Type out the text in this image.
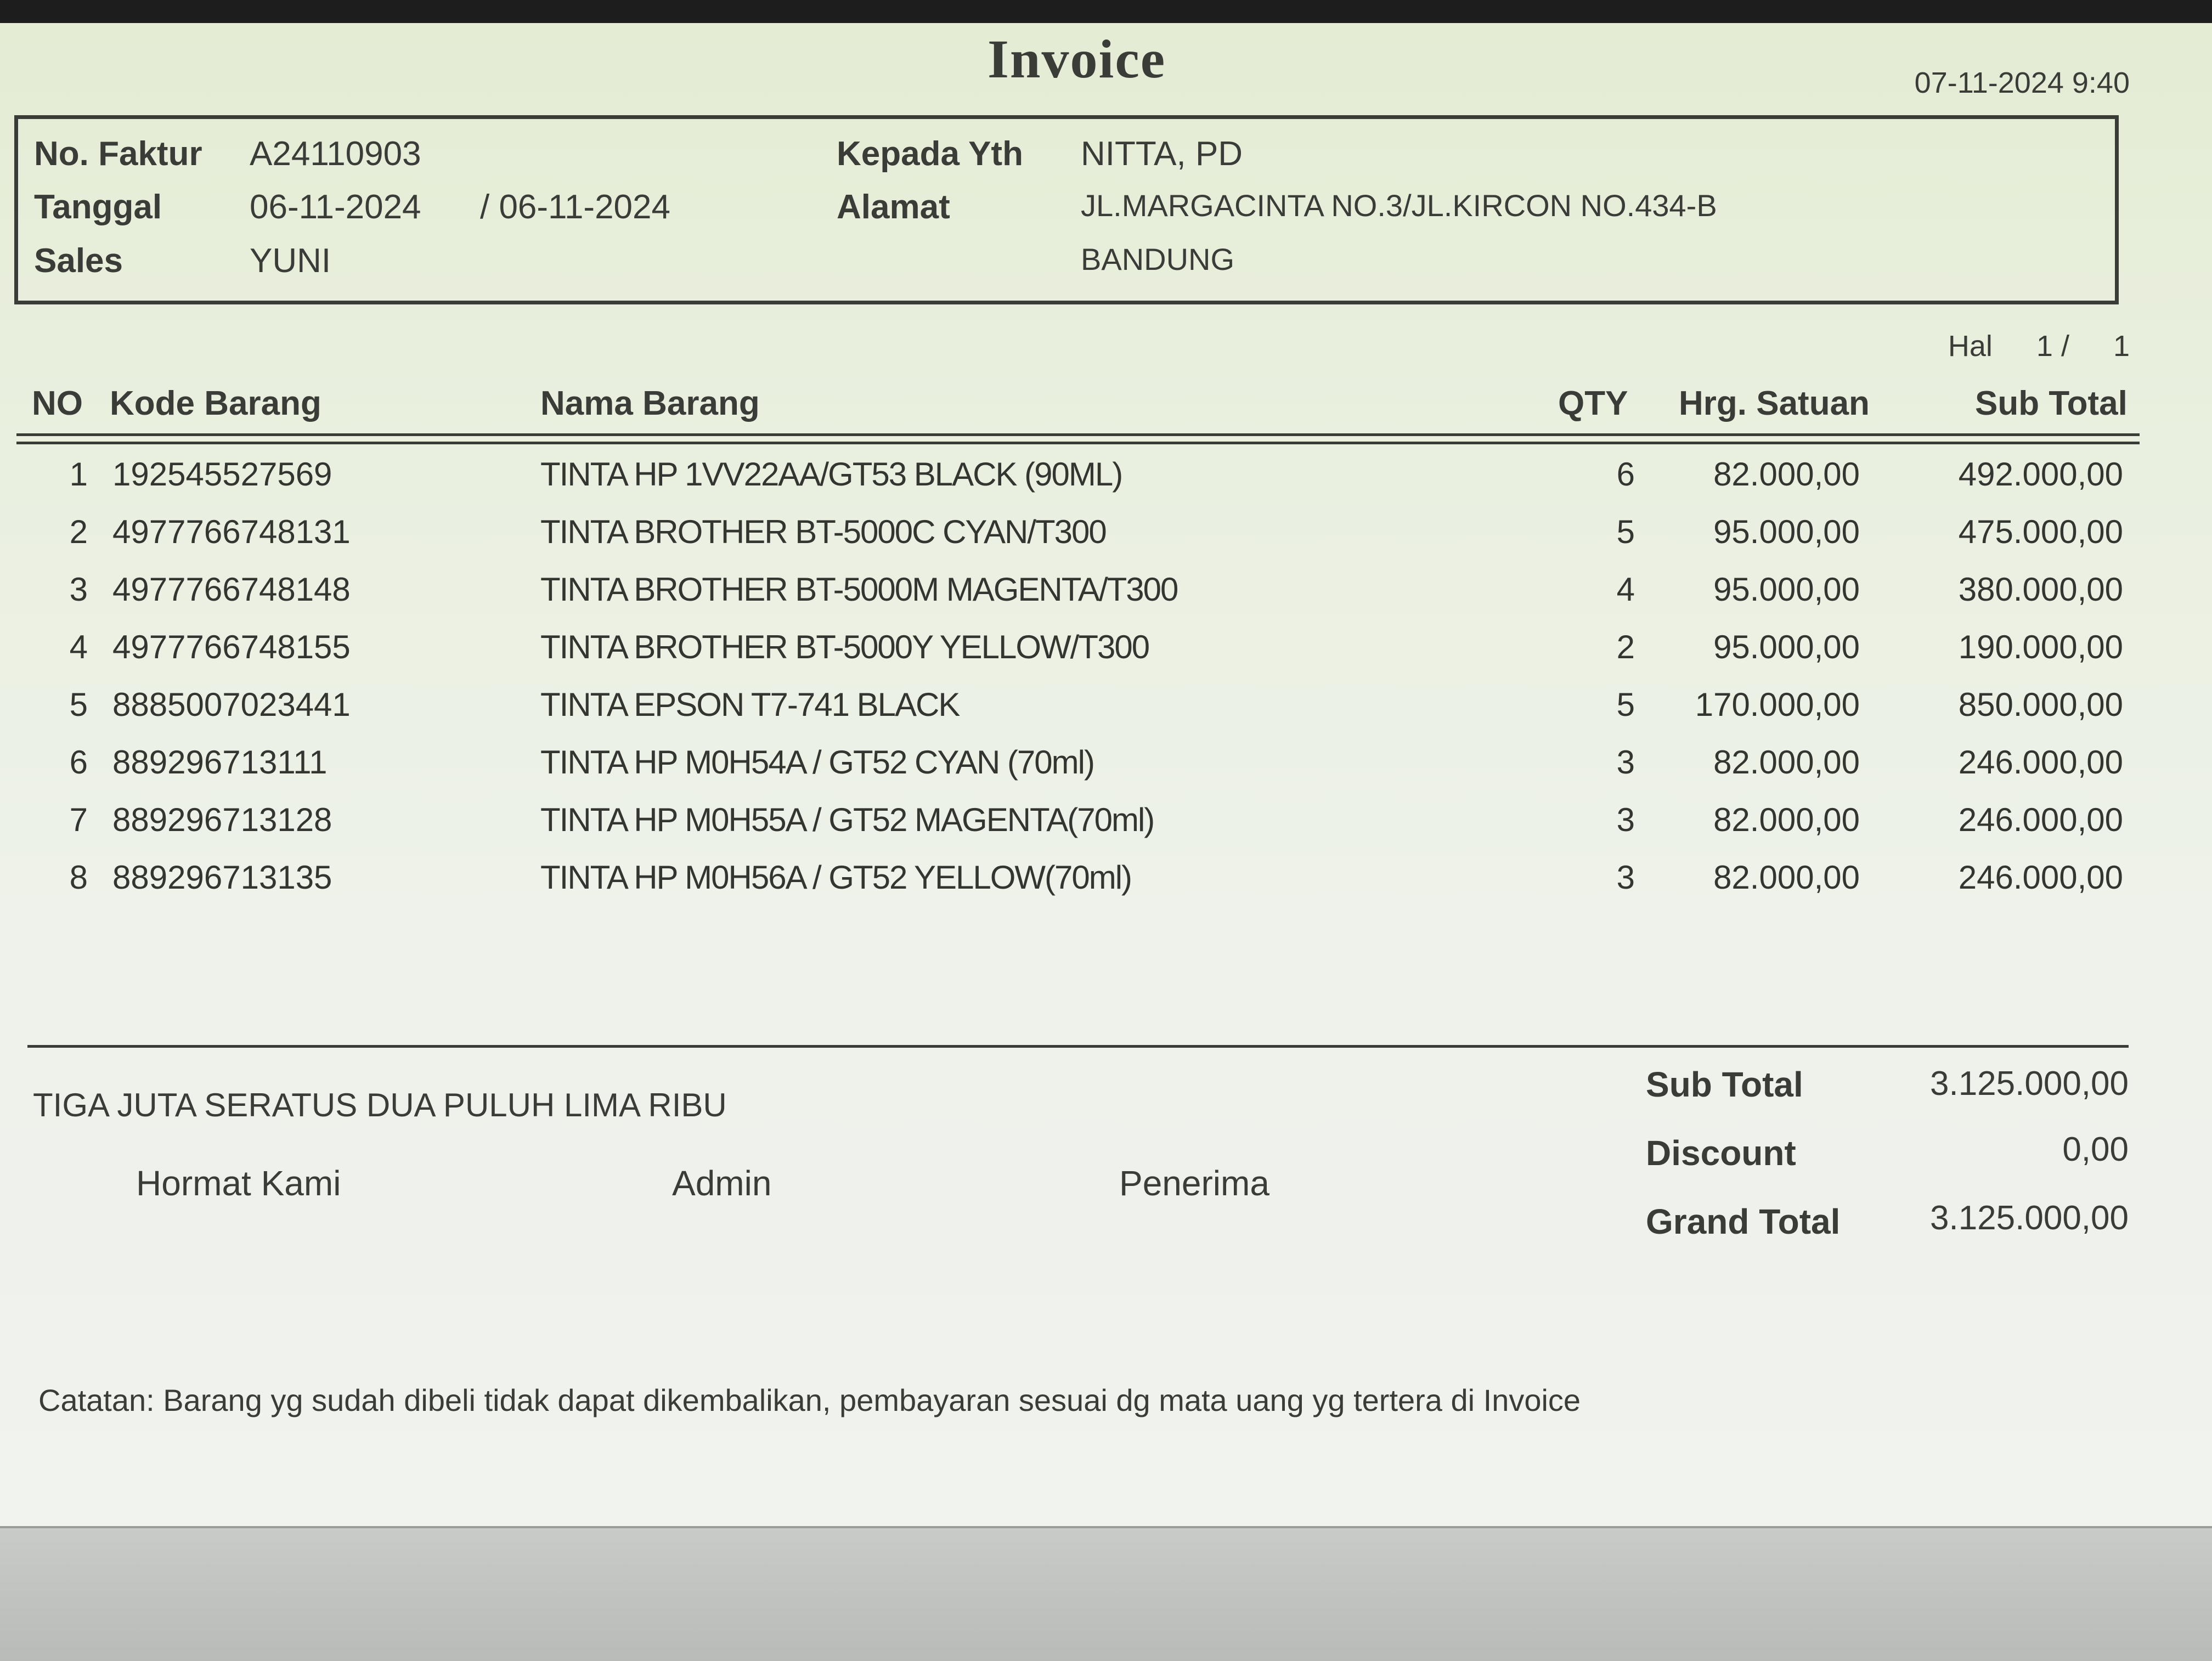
Invoice	07-11-2024 9:40
No. Faktur A24110903
Tanggal	06-11-2024 / 06-11-2024
Sales	YUNI
Kepada Yth NITTA, PD
Alamat	JL.MARGACINTA NO.3/JL.KIRCON NO.434-B
BANDUNG
Hal 1 / 1
NO Kode Barang	Nama Barang	QTY Hrg. Satuan	Sub Total
1 192545527569	TINTA HP 1VV22AA/GT53 BLACK (90ML)	6	82.000,00	492.000,00
2 4977766748131	TINTA BROTHER BT-5000C CYAN/T300	5	95.000,00	475.000,00
3 4977766748148	TINTA BROTHER BT-5000M MAGENTA/T300	4	95.000,00	380.000,00
4 4977766748155	TINTA BROTHER BT-5000Y YELLOW/T300	2	95.000,00	190.000,00
5 8885007023441	TINTA EPSON T7-741 BLACK	5	170.000,00	850.000,00
6 889296713111	TINTA HP M0H54A / GT52 CYAN (70ml)	3	82.000,00	246.000,00
7 889296713128	TINTA HP M0H55A / GT52 MAGENTA(70ml)	3	82.000,00	246.000,00
8 889296713135	TINTA HP M0H56A / GT52 YELLOW(70ml)	3	82.000,00	246.000,00
TIGA JUTA SERATUS DUA PULUH LIMA RIBU
Hormat Kami	Admin	Penerima
Sub Total	3.125.000,00
Discount	0,00
Grand Total	3.125.000,00
Catatan: Barang yg sudah dibeli tidak dapat dikembalikan, pembayaran sesuai dg mata uang yg tertera di Invoice
